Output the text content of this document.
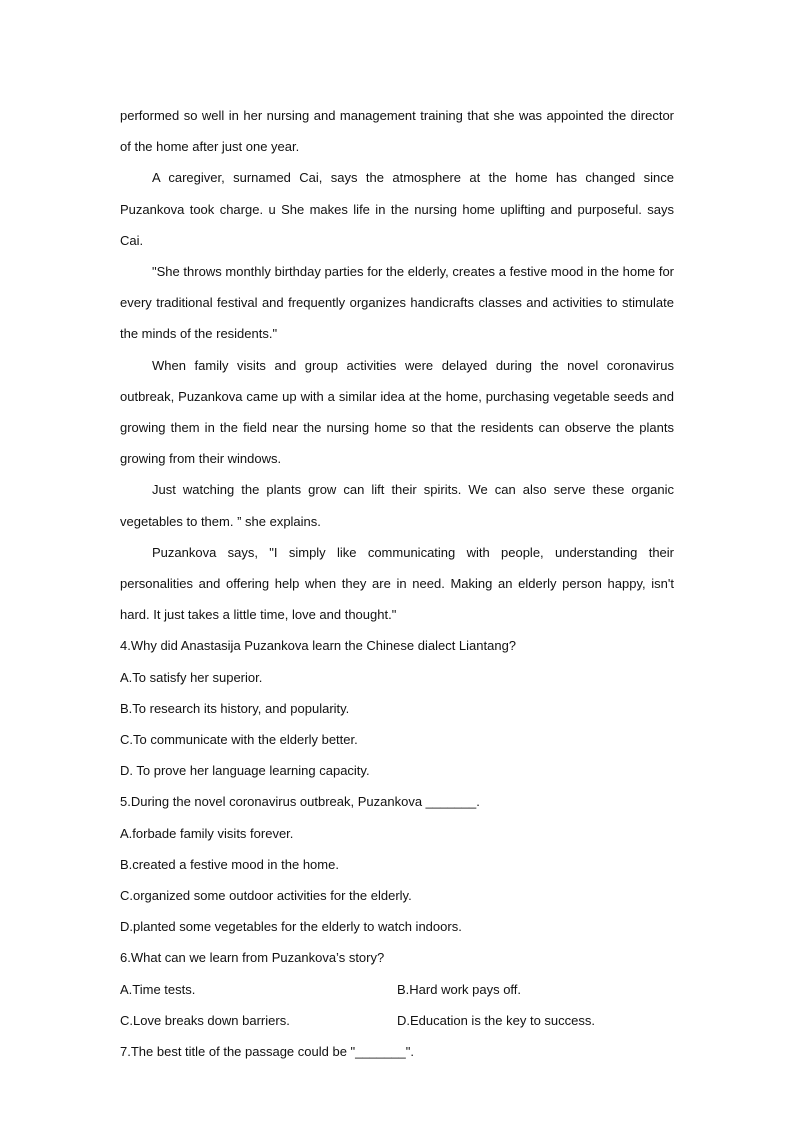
performed so well in her nursing and management training that she was appointed the director
of the home after just one year.
A caregiver, surnamed Cai, says the atmosphere at the home has changed since Puzankova took charge. u She makes life in the nursing home uplifting and purposeful. says Cai.
"She throws monthly birthday parties for the elderly, creates a festive mood in the home for every traditional festival and frequently organizes handicrafts classes and activities to stimulate the minds of the residents."
When family visits and group activities were delayed during the novel coronavirus outbreak, Puzankova came up with a similar idea at the home, purchasing vegetable seeds and growing them in the field near the nursing home so that the residents can observe the plants growing from their windows.
Just watching the plants grow can lift their spirits. We can also serve these organic vegetables to them. ” she explains.
Puzankova says, "I simply like communicating with people, understanding their personalities and offering help when they are in need. Making an elderly person happy, isn't hard. It just takes a little time, love and thought."
4.Why did Anastasija Puzankova learn the Chinese dialect Liantang?
A.To satisfy her superior.
B.To research its history, and popularity.
C.To communicate with the elderly better.
D. To prove her language learning capacity.
5.During the novel coronavirus outbreak, Puzankova _______.
A.forbade family visits forever.
B.created a festive mood in the home.
C.organized some outdoor activities for the elderly.
D.planted some vegetables for the elderly to watch indoors.
6.What can we learn from Puzankova’s story?
A.Time tests.	B.Hard work pays off.
C.Love breaks down barriers.	D.Education is the key to success.
7.The best title of the passage could be "_______".
